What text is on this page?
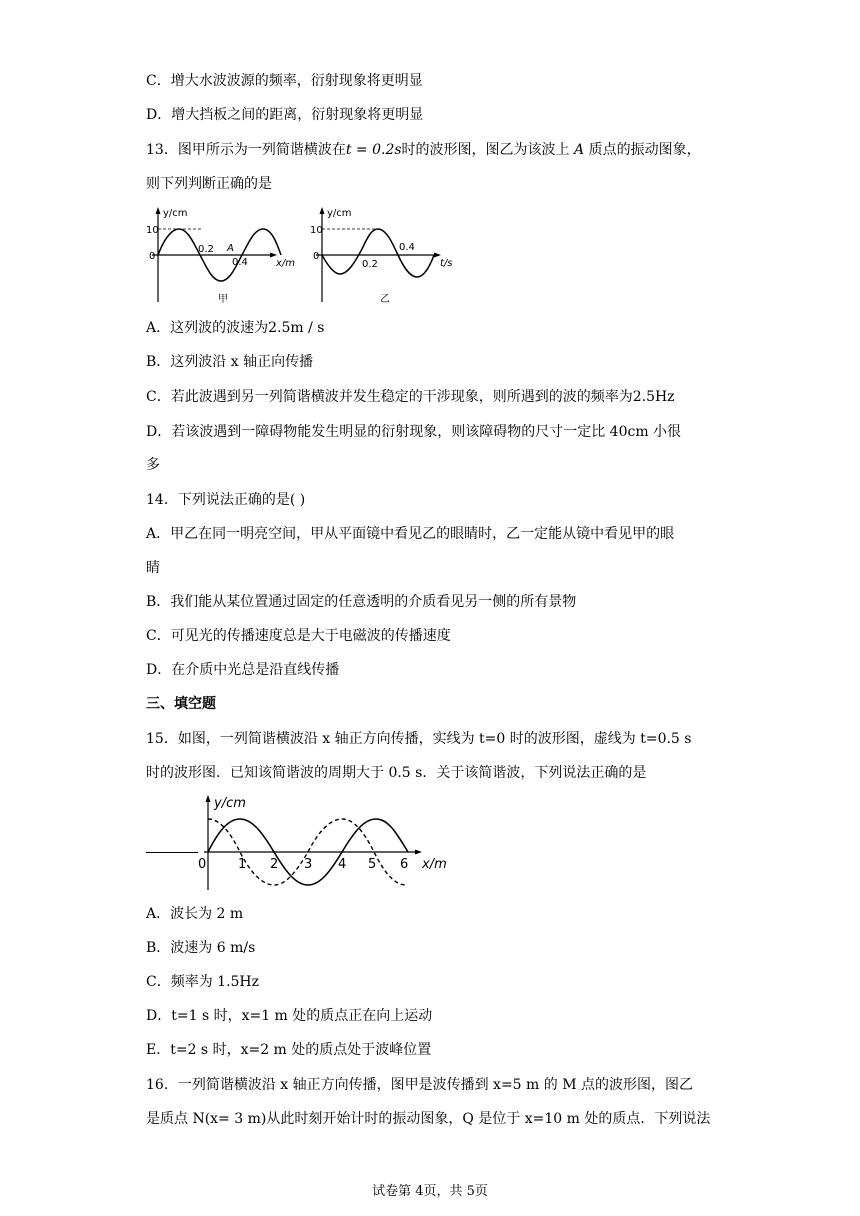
C．增大水波波源的频率，衍射现象将更明显
D．增大挡板之间的距离，衍射现象将更明显
13．图甲所示为一列简谐横波在t = 0.2s时的波形图，图乙为该波上 A 质点的振动图象，
则下列判断正确的是
y/cm
10
0
0.2 A
0.4	x/m
甲
y/cm
10
0
0.2
0.4
t/s
乙
A．这列波的波速为2.5m / s
B．这列波沿 x 轴正向传播
C．若此波遇到另一列简谐横波并发生稳定的干涉现象，则所遇到的波的频率为2.5Hz
D．若该波遇到一障碍物能发生明显的衍射现象，则该障碍物的尺寸一定比 40cm 小很
多
14．下列说法正确的是( )
A．甲乙在同一明亮空间，甲从平面镜中看见乙的眼睛时，乙一定能从镜中看见甲的眼
睛
B．我们能从某位置通过固定的任意透明的介质看见另一侧的所有景物
C．可见光的传播速度总是大于电磁波的传播速度
D．在介质中光总是沿直线传播
三、填空题
15．如图，一列简谐横波沿 x 轴正方向传播，实线为 t=0 时的波形图，虚线为 t=0.5 s
时的波形图．已知该简谐波的周期大于 0.5 s．关于该简谐波，下列说法正确的是
y/cm
0 1 2 3 4 5 6 x/m
A．波长为 2 m
B．波速为 6 m/s
C．频率为 1.5Hz
D．t=1 s 时，x=1 m 处的质点正在向上运动
E．t=2 s 时，x=2 m 处的质点处于波峰位置
16．一列简谐横波沿 x 轴正方向传播，图甲是波传播到 x=5 m 的 M 点的波形图，图乙
是质点 N(x= 3 m)从此时刻开始计时的振动图象，Q 是位于 x=10 m 处的质点．下列说法
试卷第 4页，共 5页
